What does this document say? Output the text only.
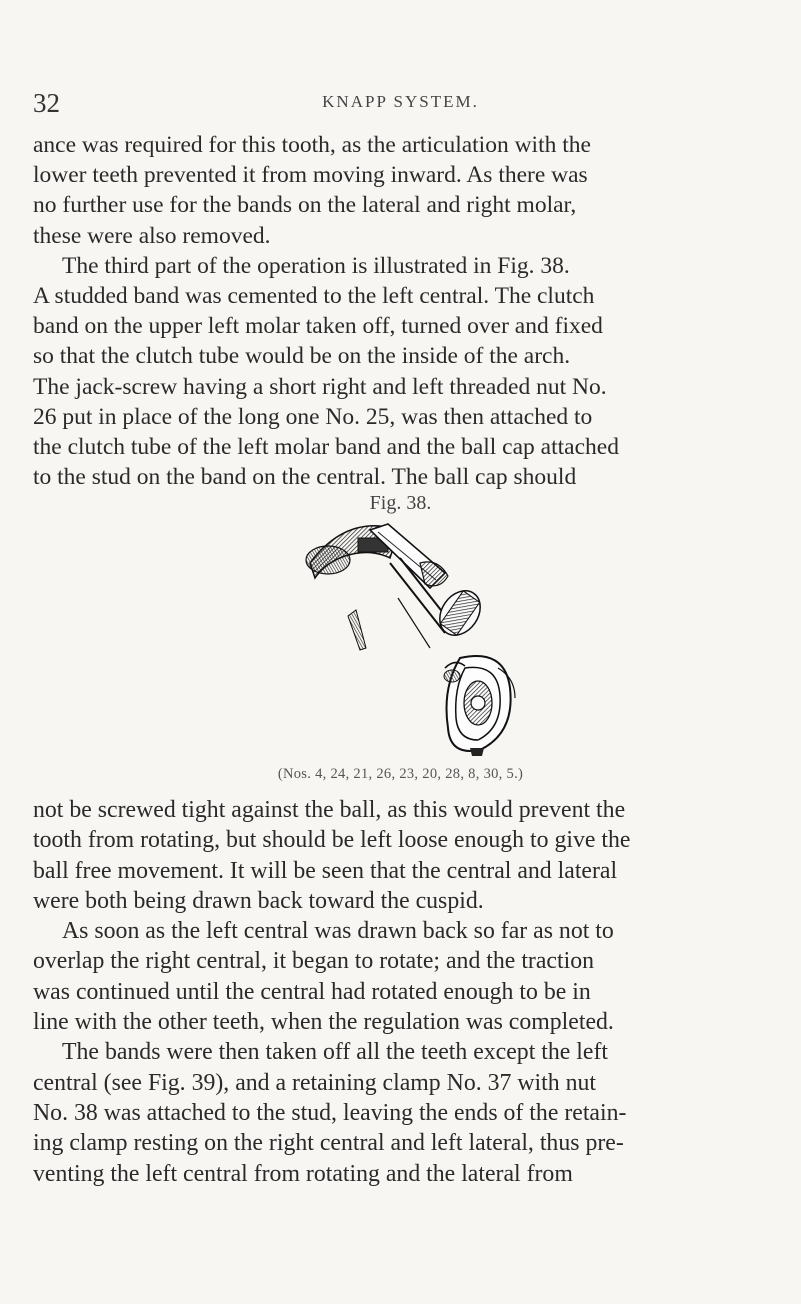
32	KNAPP SYSTEM.
ance was required for this tooth, as the articulation with the
lower teeth prevented it from moving inward. As there was
no further use for the bands on the lateral and right molar,
these were also removed.
The third part of the operation is illustrated in Fig. 38.
A studded band was cemented to the left central. The clutch
band on the upper left molar taken off, turned over and fixed
so that the clutch tube would be on the inside of the arch.
The jack-screw having a short right and left threaded nut No.
26 put in place of the long one No. 25, was then attached to
the clutch tube of the left molar band and the ball cap attached
to the stud on the band on the central. The ball cap should
Fig. 38.
(Nos. 4, 24, 21, 26, 23, 20, 28, 8, 30, 5.)
not be screwed tight against the ball, as this would prevent the
tooth from rotating, but should be left loose enough to give the
ball free movement. It will be seen that the central and lateral
were both being drawn back toward the cuspid.
As soon as the left central was drawn back so far as not to
overlap the right central, it began to rotate; and the traction
was continued until the central had rotated enough to be in
line with the other teeth, when the regulation was completed.
The bands were then taken off all the teeth except the left
central (see Fig. 39), and a retaining clamp No. 37 with nut
No. 38 was attached to the stud, leaving the ends of the retain-
ing clamp resting on the right central and left lateral, thus pre-
venting the left central from rotating and the lateral from
